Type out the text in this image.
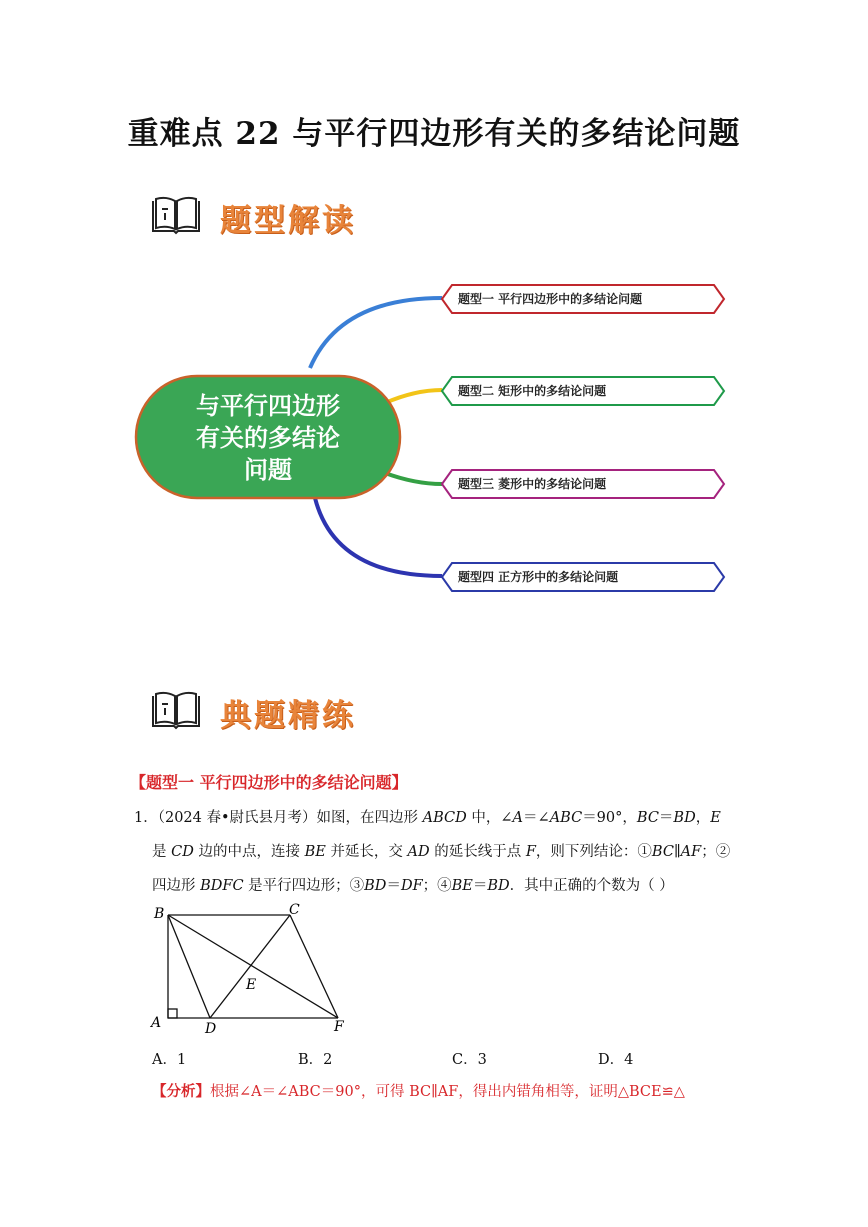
重难点 22 与平行四边形有关的多结论问题
题型解读
与平行四边形
有关的多结论
问题
题型一 平行四边形中的多结论问题
题型二 矩形中的多结论问题
题型三 菱形中的多结论问题
题型四 正方形中的多结论问题
典题精练
【题型一 平行四边形中的多结论问题】
1．（2024 春•尉氏县月考）如图，在四边形 ABCD 中，∠A＝∠ABC＝90°，BC＝BD，E
是 CD 边的中点，连接 BE 并延长，交 AD 的延长线于点 F，则下列结论：①BC∥AF；②
四边形 BDFC 是平行四边形；③BD＝DF；④BE＝BD．其中正确的个数为（ ）
B	C
E
A	D	F
A．1	B．2	C．3	D．4
【分析】根据∠A＝∠ABC＝90°，可得 BC∥AF，得出内错角相等，证明△BCE≌△
